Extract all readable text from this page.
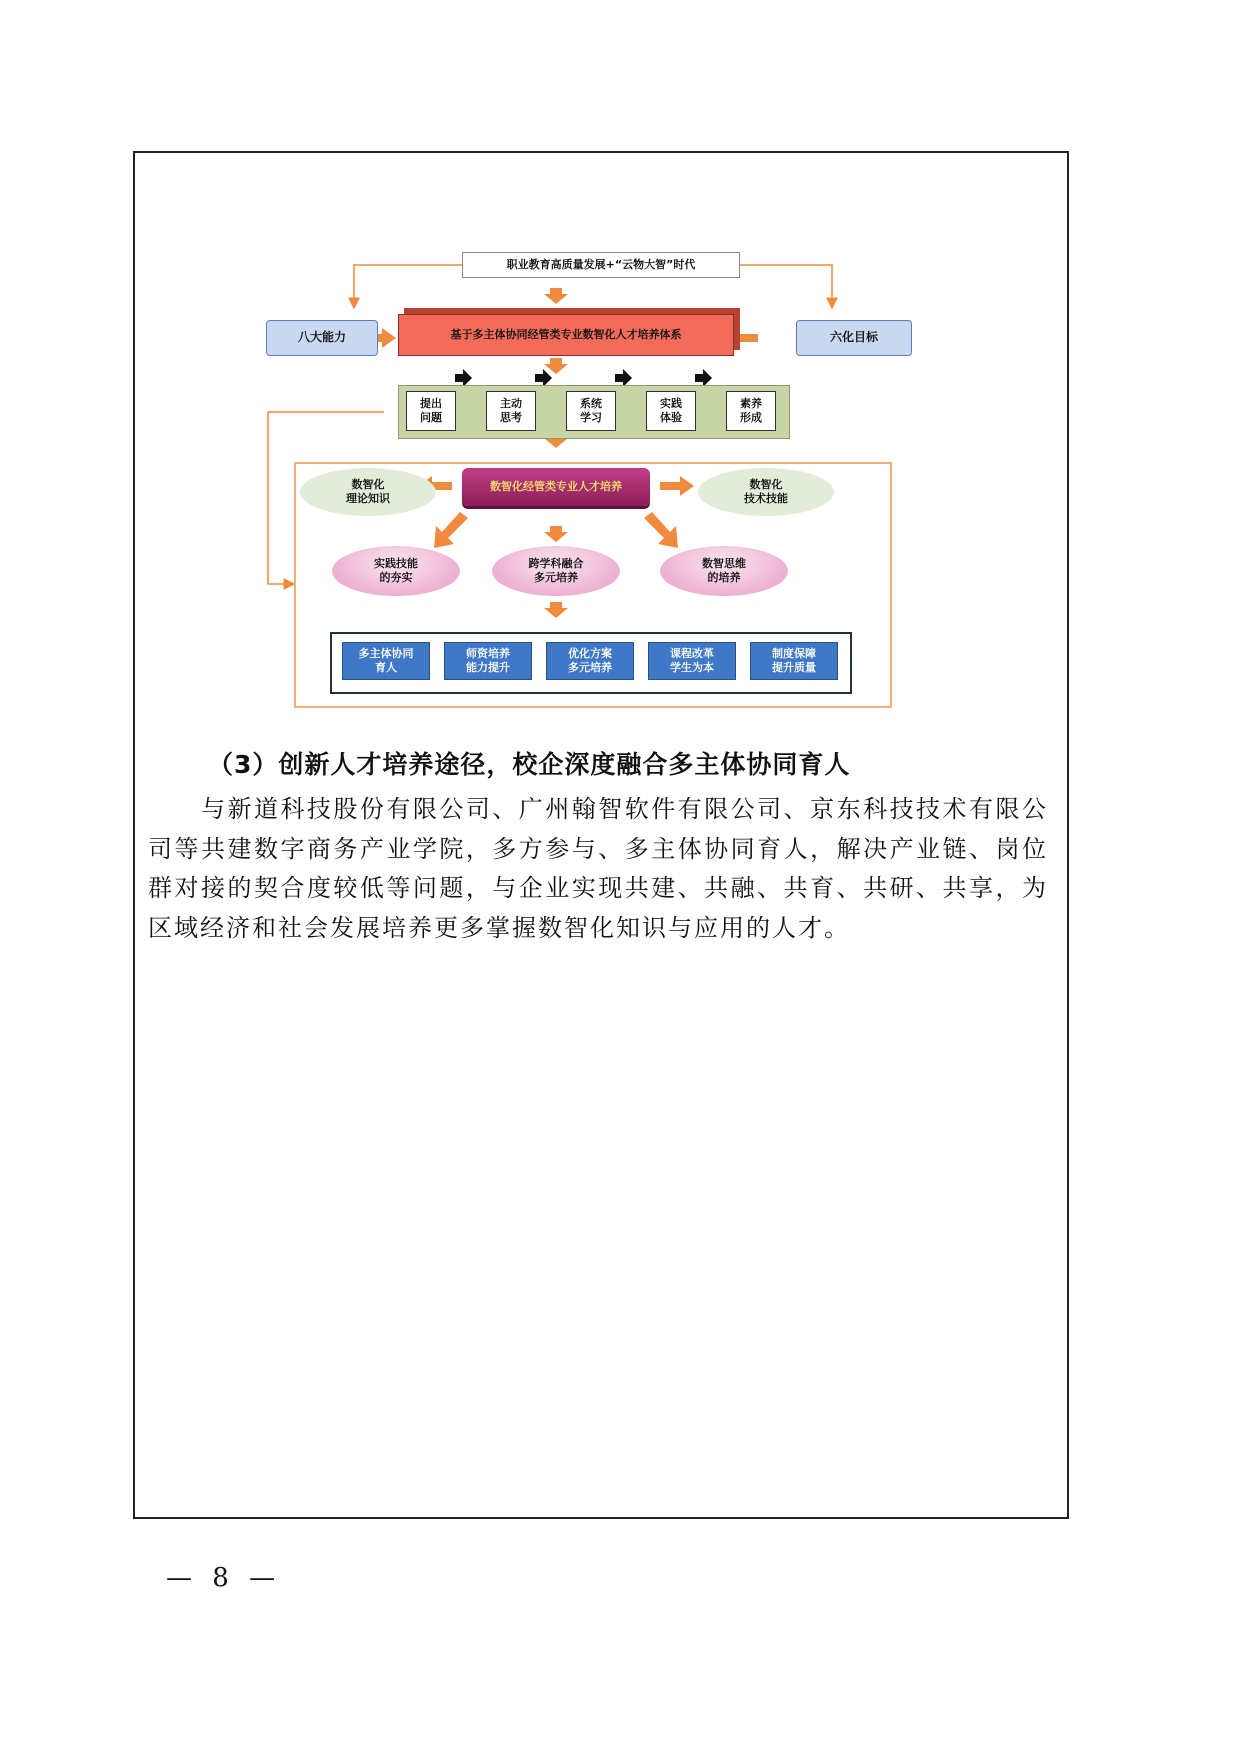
职业教育高质量发展+“云物大智”时代
八大能力	六化目标
基于多主体协同经管类专业数智化人才培养体系
数智化经管类专业人才培养
数智化
理论知识
数智化
技术技能
提出
问题
主动
思考
系统
学习
实践
体验
素养
形成
实践技能
的夯实
跨学科融合
多元培养
数智思维
的培养
多主体协同
育人
师资培养
能力提升
优化方案
多元培养
课程改革
学生为本
制度保障
提升质量

（3）创新人才培养途径，校企深度融合多主体协同育人

与新道科技股份有限公司、广州翰智软件有限公司、京东科技技术有限公司等共建数字商务产业学院，多方参与、多主体协同育人，解决产业链、岗位群对接的契合度较低等问题，与企业实现共建、共融、共育、共研、共享，为区域经济和社会发展培养更多掌握数智化知识与应用的人才。

— 8 —
